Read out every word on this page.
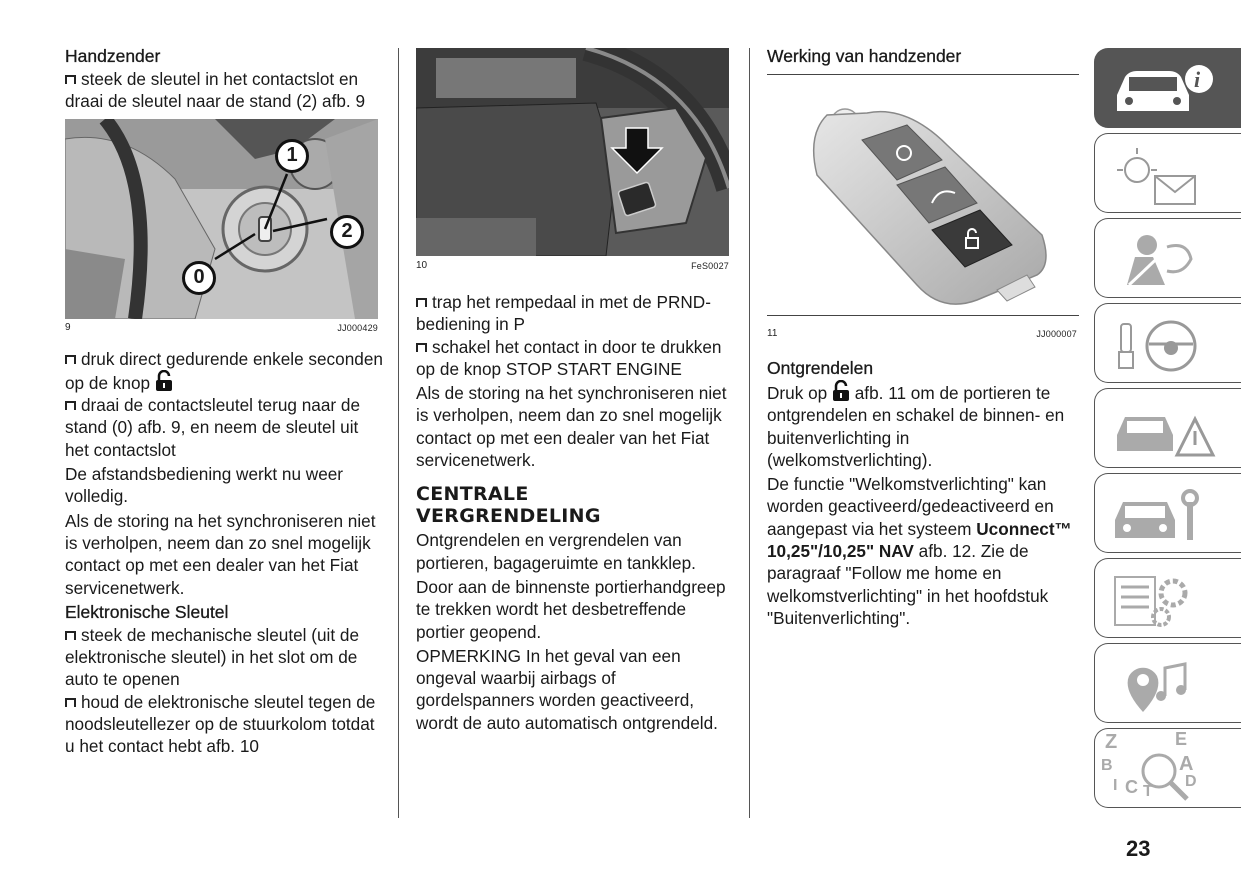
Handzender

steek de sleutel in het contactslot en draai de sleutel naar de stand (2) afb. 9

1
2
0
9	JJ000429

druk direct gedurende enkele seconden op de knop

draai de contactsleutel terug naar de stand (0) afb. 9, en neem de sleutel uit het contactslot

De afstandsbediening werkt nu weer volledig.

Als de storing na het synchroniseren niet is verholpen, neem dan zo snel mogelijk contact op met een dealer van het Fiat servicenetwerk.

Elektronische Sleutel

steek de mechanische sleutel (uit de elektronische sleutel) in het slot om de auto te openen

houd de elektronische sleutel tegen de noodsleutellezer op de stuurkolom totdat u het contact hebt afb. 10

10	FeS0027

trap het rempedaal in met de PRND-bediening in P

schakel het contact in door te drukken op de knop STOP START ENGINE

Als de storing na het synchroniseren niet is verholpen, neem dan zo snel mogelijk contact op met een dealer van het Fiat servicenetwerk.

CENTRALE
VERGRENDELING

Ontgrendelen en vergrendelen van portieren, bagageruimte en tankklep.

Door aan de binnenste portierhandgreep te trekken wordt het desbetreffende portier geopend.

OPMERKING In het geval van een ongeval waarbij airbags of gordelspanners worden geactiveerd, wordt de auto automatisch ontgrendeld.

Werking van handzender
11	JJ000007
Ontgrendelen

Druk op afb. 11 om de portieren te ontgrendelen en schakel de binnen- en buitenverlichting in (welkomstverlichting).

De functie "Welkomstverlichting" kan worden geactiveerd/gedeactiveerd en aangepast via het systeem Uconnect™ 10,25"/10,25" NAV afb. 12. Zie de paragraaf "Follow me home en welkomstverlichting" in het hoofdstuk "Buitenverlichting".

i
Z	E
B	A
I C T
D
23
